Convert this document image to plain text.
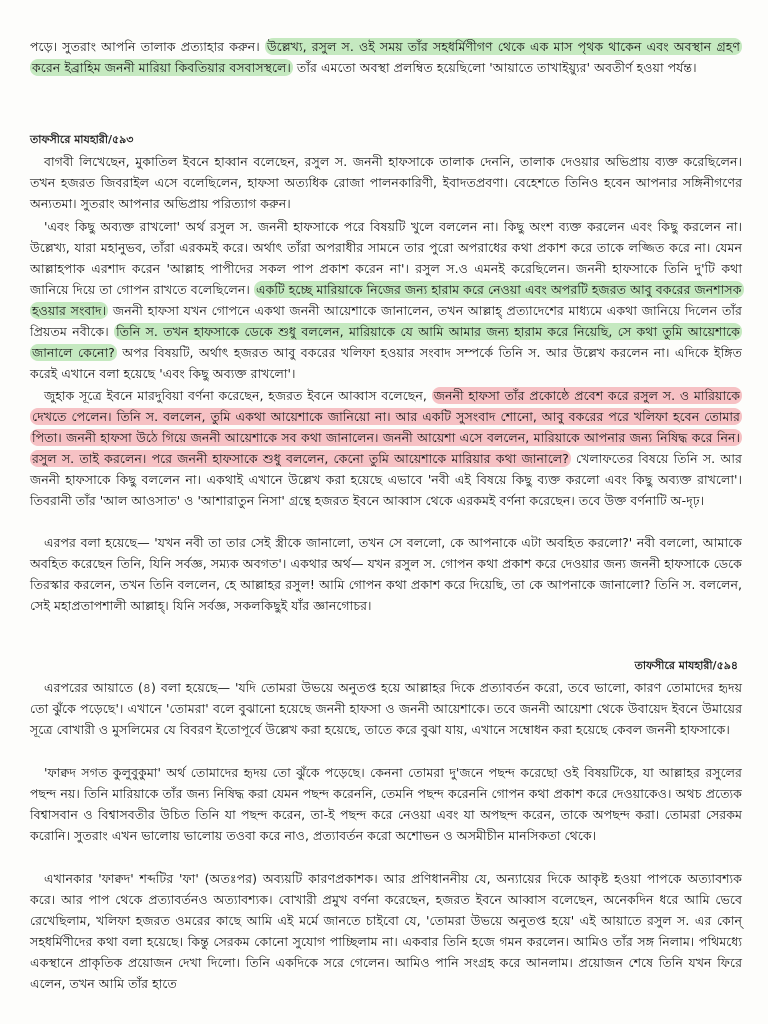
পড়ে। সুতরাং আপনি তালাক প্রত্যাহার করুন। উল্লেখ্য, রসুল স. ওই সময় তাঁর সহধর্মিণীগণ থেকে এক মাস পৃথক থাকেন এবং অবস্থান গ্রহণ করেন ইব্রাহিম জননী মারিয়া কিবতিয়ার বসবাসস্থলে। তাঁর এমতো অবস্থা প্রলম্বিত হয়েছিলো 'আয়াতে তাখাইয়্যুর' অবতীর্ণ হওয়া পর্যন্ত।

তাফসীরে মাযহারী/৫৯৩

বাগবী লিখেছেন, মুকাতিল ইবনে হাব্বান বলেছেন, রসুল স. জননী হাফসাকে তালাক দেননি, তালাক দেওয়ার অভিপ্রায় ব্যক্ত করেছিলেন। তখন হজরত জিবরাইল এসে বলেছিলেন, হাফসা অত্যধিক রোজা পালনকারিণী, ইবাদতপ্রবণা। বেহেশতে তিনিও হবেন আপনার সঙ্গিনীগণের অন্যতমা। সুতরাং আপনার অভিপ্রায় পরিত্যাগ করুন।

'এবং কিছু অব্যক্ত রাখলো' অর্থ রসুল স. জননী হাফসাকে পরে বিষয়টি খুলে বললেন না। কিছু অংশ ব্যক্ত করলেন এবং কিছু করলেন না। উল্লেখ্য, যারা মহানুভব, তাঁরা এরকমই করে। অর্থাৎ তাঁরা অপরাধীর সামনে তার পুরো অপরাধের কথা প্রকাশ করে তাকে লজ্জিত করে না। যেমন আল্লাহপাক এরশাদ করেন 'আল্লাহ পাপীদের সকল পাপ প্রকাশ করেন না'। রসুল স.ও এমনই করেছিলেন। জননী হাফসাকে তিনি দু'টি কথা জানিয়ে দিয়ে তা গোপন রাখতে বলেছিলেন। একটি হচ্ছে মারিয়াকে নিজের জন্য হারাম করে নেওয়া এবং অপরটি হজরত আবু বকরের জনশাসক হওয়ার সংবাদ। জননী হাফসা যখন গোপনে একথা জননী আয়েশাকে জানালেন, তখন আল্লাহ্ প্রত্যাদেশের মাধ্যমে একথা জানিয়ে দিলেন তাঁর প্রিয়তম নবীকে। তিনি স. তখন হাফসাকে ডেকে শুধু বললেন, মারিয়াকে যে আমি আমার জন্য হারাম করে নিয়েছি, সে কথা তুমি আয়েশাকে জানালে কেনো? অপর বিষয়টি, অর্থাৎ হজরত আবু বকরের খলিফা হওয়ার সংবাদ সম্পর্কে তিনি স. আর উল্লেখ করলেন না। এদিকে ইঙ্গিত করেই এখানে বলা হয়েছে 'এবং কিছু অব্যক্ত রাখলো'।

জুহাক সূত্রে ইবনে মারদুবিয়া বর্ণনা করেছেন, হজরত ইবনে আব্বাস বলেছেন, জননী হাফসা তাঁর প্রকোষ্ঠে প্রবেশ করে রসুল স. ও মারিয়াকে দেখতে পেলেন। তিনি স. বললেন, তুমি একথা আয়েশাকে জানিয়ো না। আর একটি সুসংবাদ শোনো, আবু বকরের পরে খলিফা হবেন তোমার পিতা। জননী হাফসা উঠে গিয়ে জননী আয়েশাকে সব কথা জানালেন। জননী আয়েশা এসে বললেন, মারিয়াকে আপনার জন্য নিষিদ্ধ করে নিন। রসুল স. তাই করলেন। পরে জননী হাফসাকে শুধু বললেন, কেনো তুমি আয়েশাকে মারিয়ার কথা জানালে? খেলাফতের বিষয়ে তিনি স. আর জননী হাফসাকে কিছু বললেন না। একথাই এখানে উল্লেখ করা হয়েছে এভাবে 'নবী এই বিষয়ে কিছু ব্যক্ত করলো এবং কিছু অব্যক্ত রাখলো'। তিবরানী তাঁর 'আল আওসাত' ও 'আশারাতুন নিসা' গ্রন্থে হজরত ইবনে আব্বাস থেকে এরকমই বর্ণনা করেছেন। তবে উক্ত বর্ণনাটি অ-দৃঢ়।

এরপর বলা হয়েছে— 'যখন নবী তা তার সেই স্ত্রীকে জানালো, তখন সে বললো, কে আপনাকে এটা অবহিত করলো?' নবী বললো, আমাকে অবহিত করেছেন তিনি, যিনি সর্বজ্ঞ, সম্যক অবগত'। একথার অর্থ— যখন রসুল স. গোপন কথা প্রকাশ করে দেওয়ার জন্য জননী হাফসাকে ডেকে তিরস্কার করলেন, তখন তিনি বললেন, হে আল্লাহর রসুল! আমি গোপন কথা প্রকাশ করে দিয়েছি, তা কে আপনাকে জানালো? তিনি স. বললেন, সেই মহাপ্রতাপশালী আল্লাহ্। যিনি সর্বজ্ঞ, সকলকিছুই যাঁর জ্ঞানগোচর।

তাফসীরে মাযহারী/৫৯৪

এরপরের আয়াতে (৪) বলা হয়েছে— 'যদি তোমরা উভয়ে অনুতপ্ত হয়ে আল্লাহর দিকে প্রত্যাবর্তন করো, তবে ভালো, কারণ তোমাদের হৃদয় তো ঝুঁকে পড়েছে'। এখানে 'তোমরা' বলে বুঝানো হয়েছে জননী হাফসা ও জননী আয়েশাকে। তবে জননী আয়েশা থেকে উবায়েদ ইবনে উমায়ের সূত্রে বোখারী ও মুসলিমের যে বিবরণ ইতোপূর্বে উল্লেখ করা হয়েছে, তাতে করে বুঝা যায়, এখানে সম্বোধন করা হয়েছে কেবল জননী হাফসাকে।

'ফাক্বদ সগত কুলুবুকুমা' অর্থ তোমাদের হৃদয় তো ঝুঁকে পড়েছে। কেননা তোমরা দু'জনে পছন্দ করেছো ওই বিষয়টিকে, যা আল্লাহর রসুলের পছন্দ নয়। তিনি মারিয়াকে তাঁর জন্য নিষিদ্ধ করা যেমন পছন্দ করেননি, তেমনি পছন্দ করেননি গোপন কথা প্রকাশ করে দেওয়াকেও। অথচ প্রত্যেক বিশ্বাসবান ও বিশ্বাসবতীর উচিত তিনি যা পছন্দ করেন, তা-ই পছন্দ করে নেওয়া এবং যা অপছন্দ করেন, তাকে অপছন্দ করা। তোমরা সেরকম করোনি। সুতরাং এখন ভালোয় ভালোয় তওবা করে নাও, প্রত্যাবর্তন করো অশোভন ও অসমীচীন মানসিকতা থেকে।

এখানকার 'ফাক্বদ' শব্দটির 'ফা' (অতঃপর) অব্যয়টি কারণপ্রকাশক। আর প্রণিধাননীয় যে, অন্যায়ের দিকে আকৃষ্ট হওয়া পাপকে অত্যাবশ্যক করে। আর পাপ থেকে প্রত্যাবর্তনও অত্যাবশ্যক। বোখারী প্রমুখ বর্ণনা করেছেন, হজরত ইবনে আব্বাস বলেছেন, অনেকদিন ধরে আমি ভেবে রেখেছিলাম, খলিফা হজরত ওমরের কাছে আমি এই মর্মে জানতে চাইবো যে, 'তোমরা উভয়ে অনুতপ্ত হয়ে' এই আয়াতে রসুল স. এর কোন্ সহধর্মিণীদের কথা বলা হয়েছে। কিন্তু সেরকম কোনো সুযোগ পাচ্ছিলাম না। একবার তিনি হজে গমন করলেন। আমিও তাঁর সঙ্গ নিলাম। পথিমধ্যে একস্থানে প্রাকৃতিক প্রয়োজন দেখা দিলো। তিনি একদিকে সরে গেলেন। আমিও পানি সংগ্রহ করে আনলাম। প্রয়োজন শেষে তিনি যখন ফিরে এলেন, তখন আমি তাঁর হাতে
